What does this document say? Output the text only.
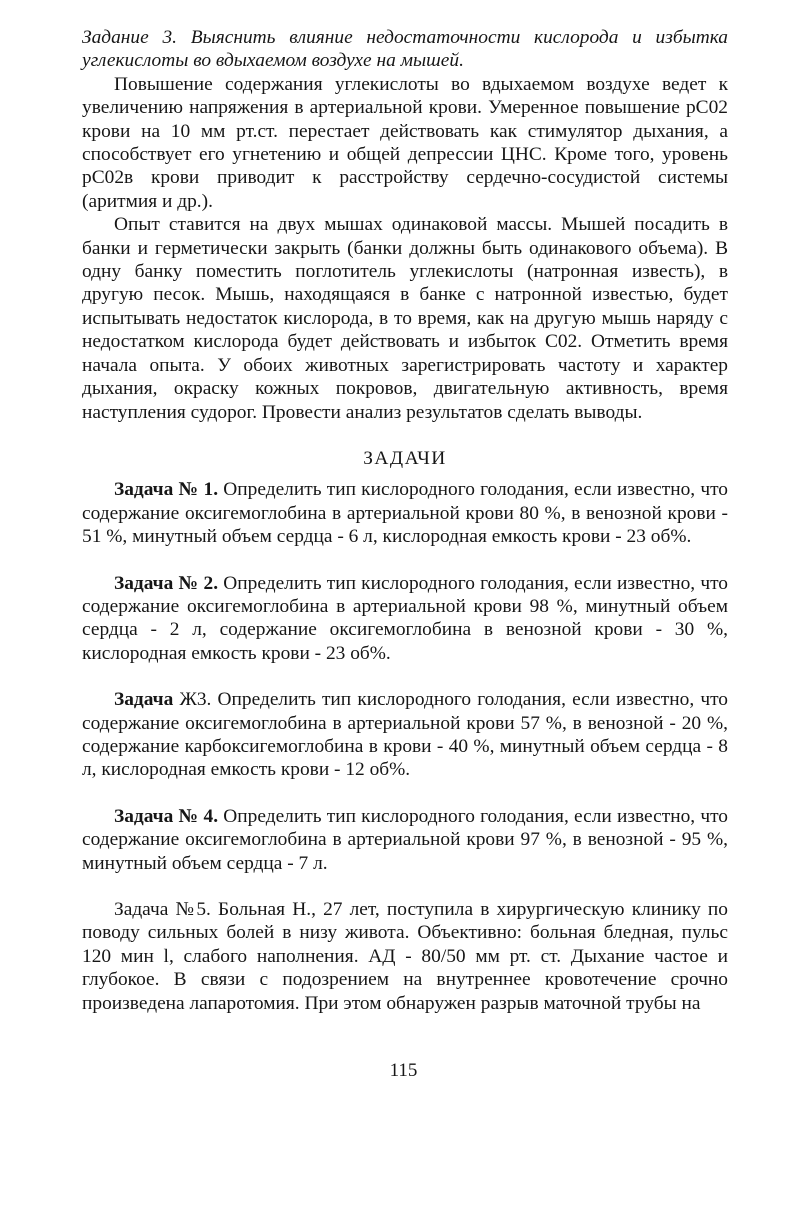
Задание 3. Выяснить влияние недостаточности кислорода и избытка углекислоты во вдыхаемом воздухе на мышей.

Повышение содержания углекислоты во вдыхаемом воздухе ведет к увеличению напряжения в артериальной крови. Умеренное повышение рС02 крови на 10 мм рт.ст. перестает действовать как стимулятор дыхания, а способствует его угнетению и общей депрессии ЦНС. Кроме того, уровень рС02в крови приводит к расстройству сердечно-сосудистой системы (аритмия и др.).

Опыт ставится на двух мышах одинаковой массы. Мышей посадить в банки и герметически закрыть (банки должны быть одинакового объема). В одну банку поместить поглотитель углекислоты (натронная известь), в другую песок. Мышь, находящаяся в банке с натронной известью, будет испытывать недостаток кислорода, в то время, как на другую мышь наряду с недостатком кислорода будет действовать и избыток С02. Отметить время начала опыта. У обоих животных зарегистрировать частоту и характер дыхания, окраску кожных покровов, двигательную активность, время наступления судорог. Провести анализ результатов сделать выводы.

ЗАДАЧИ

Задача № 1. Определить тип кислородного голодания, если известно, что содержание оксигемоглобина в артериальной крови 80 %, в венозной крови - 51 %, минутный объем сердца - 6 л, кислородная емкость крови - 23 об%.

Задача № 2. Определить тип кислородного голодания, если известно, что содержание оксигемоглобина в артериальной крови 98 %, минутный объем сердца - 2 л, содержание оксигемоглобина в венозной крови - 30 %, кислородная емкость крови - 23 об%.

Задача Ж3. Определить тип кислородного голодания, если известно, что содержание оксигемоглобина в артериальной крови 57 %, в венозной - 20 %, содержание карбоксигемоглобина в крови - 40 %, минутный объем сердца - 8 л, кислородная емкость крови - 12 об%.

Задача № 4. Определить тип кислородного голодания, если известно, что содержание оксигемоглобина в артериальной крови 97 %, в венозной - 95 %, минутный объем сердца - 7 л.

Задача №5. Больная Н., 27 лет, поступила в хирургическую клинику по поводу сильных болей в низу живота. Объективно: больная бледная, пульс 120 мин l, слабого наполнения. АД - 80/50 мм рт. ст. Дыхание частое и глубокое. В связи с подозрением на внутреннее кровотечение срочно произведена лапаротомия. При этом обнаружен разрыв маточной трубы на

115
